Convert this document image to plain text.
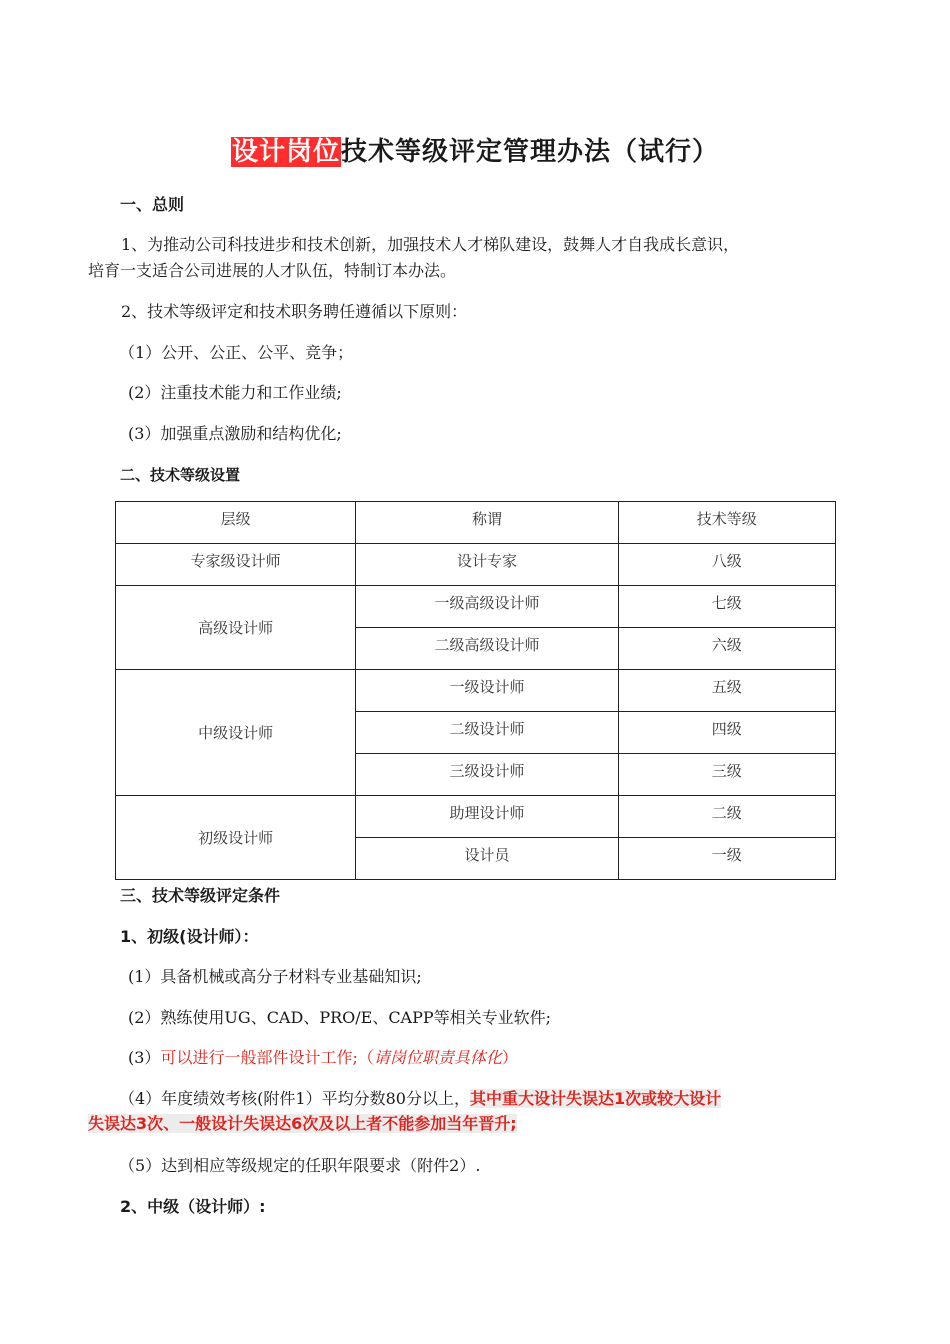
设计岗位技术等级评定管理办法（试行）
一、总则
1、为推动公司科技进步和技术创新，加强技术人才梯队建设，鼓舞人才自我成长意识，
培育一支适合公司进展的人才队伍，特制订本办法。
2、技术等级评定和技术职务聘任遵循以下原则：
（1）公开、公正、公平、竞争；
(2）注重技术能力和工作业绩;
(3）加强重点激励和结构优化;
二、技术等级设置
层级	称谓	技术等级
专家级设计师	设计专家	八级
高级设计师	一级高级设计师	七级
	二级高级设计师	六级
中级设计师	一级设计师	五级
	二级设计师	四级
	三级设计师	三级
初级设计师	助理设计师	二级
	设计员	一级
三、技术等级评定条件
1、初级(设计师）：
(1）具备机械或高分子材料专业基础知识;
(2）熟练使用UG、CAD、PRO/E、CAPP等相关专业软件;
(3）可以进行一般部件设计工作;（请岗位职责具体化）
（4）年度绩效考核(附件1）平均分数80分以上，其中重大设计失误达1次或较大设计
失误达3次、一般设计失误达6次及以上者不能参加当年晋升;
（5）达到相应等级规定的任职年限要求（附件2）.
2、中级（设计师）:
